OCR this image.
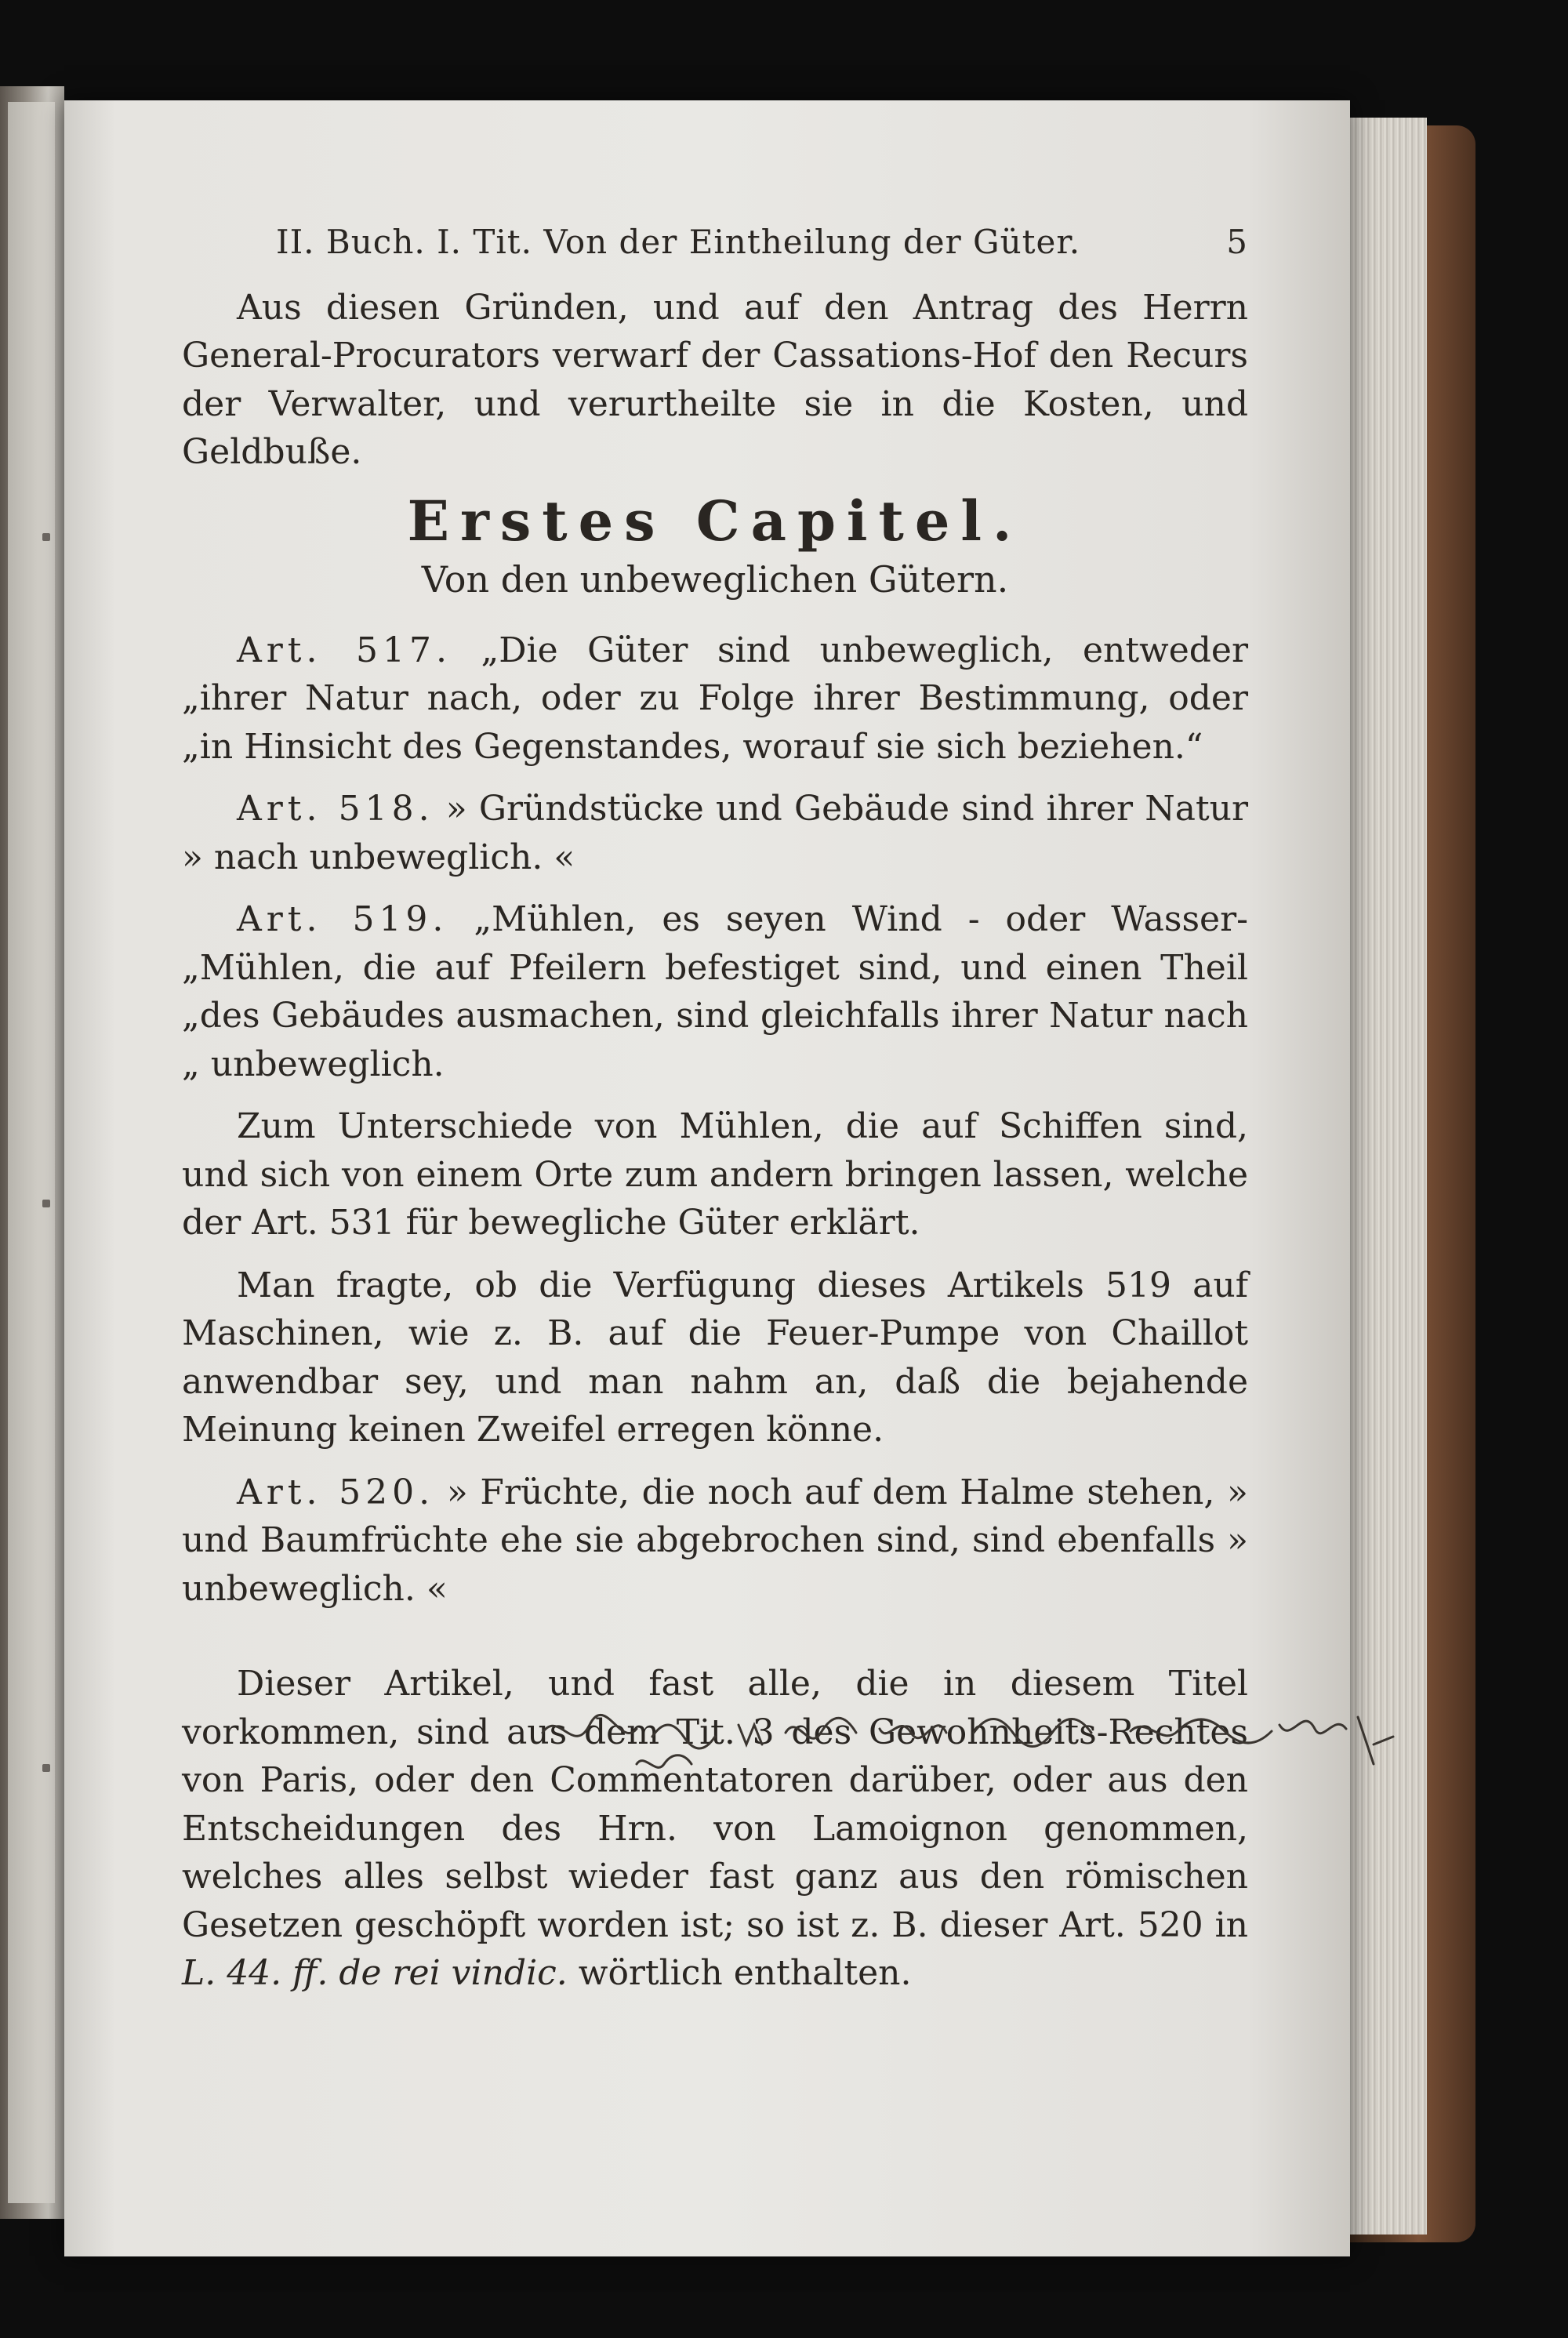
II. Buch. I. Tit. Von der Eintheilung der Güter.	5

Aus diesen Gründen, und auf den Antrag des Herrn General-Procurators verwarf der Cassations-Hof den Recurs der Verwalter, und verurtheilte sie in die Kosten, und Geldbuße.

Erstes Capitel.
Von den unbeweglichen Gütern.

Art. 517. „Die Güter sind unbeweglich, entweder „ihrer Natur nach, oder zu Folge ihrer Bestimmung, oder „in Hinsicht des Gegenstandes, worauf sie sich beziehen.“

Art. 518. » Gründstücke und Gebäude sind ihrer Natur » nach unbeweglich. «

Art. 519. „Mühlen, es seyen Wind - oder Wasser- „Mühlen, die auf Pfeilern befestiget sind, und einen Theil „des Gebäudes ausmachen, sind gleichfalls ihrer Natur nach „ unbeweglich.

Zum Unterschiede von Mühlen, die auf Schiffen sind, und sich von einem Orte zum andern bringen lassen, welche der Art. 531 für bewegliche Güter erklärt.

Man fragte, ob die Verfügung dieses Artikels 519 auf Maschinen, wie z. B. auf die Feuer-Pumpe von Chaillot anwendbar sey, und man nahm an, daß die bejahende Meinung keinen Zweifel erregen könne.

Art. 520. » Früchte, die noch auf dem Halme stehen, » und Baumfrüchte ehe sie abgebrochen sind, sind ebenfalls » unbeweglich. «

Dieser Artikel, und fast alle, die in diesem Titel vorkommen, sind aus dem Tit. 3 des Gewohnheits-Rechtes von Paris, oder den Commentatoren darüber, oder aus den Entscheidungen des Hrn. von Lamoignon genommen, welches alles selbst wieder fast ganz aus den römischen Gesetzen geschöpft worden ist; so ist z. B. dieser Art. 520 in L. 44. ff. de rei vindic. wörtlich enthalten.
